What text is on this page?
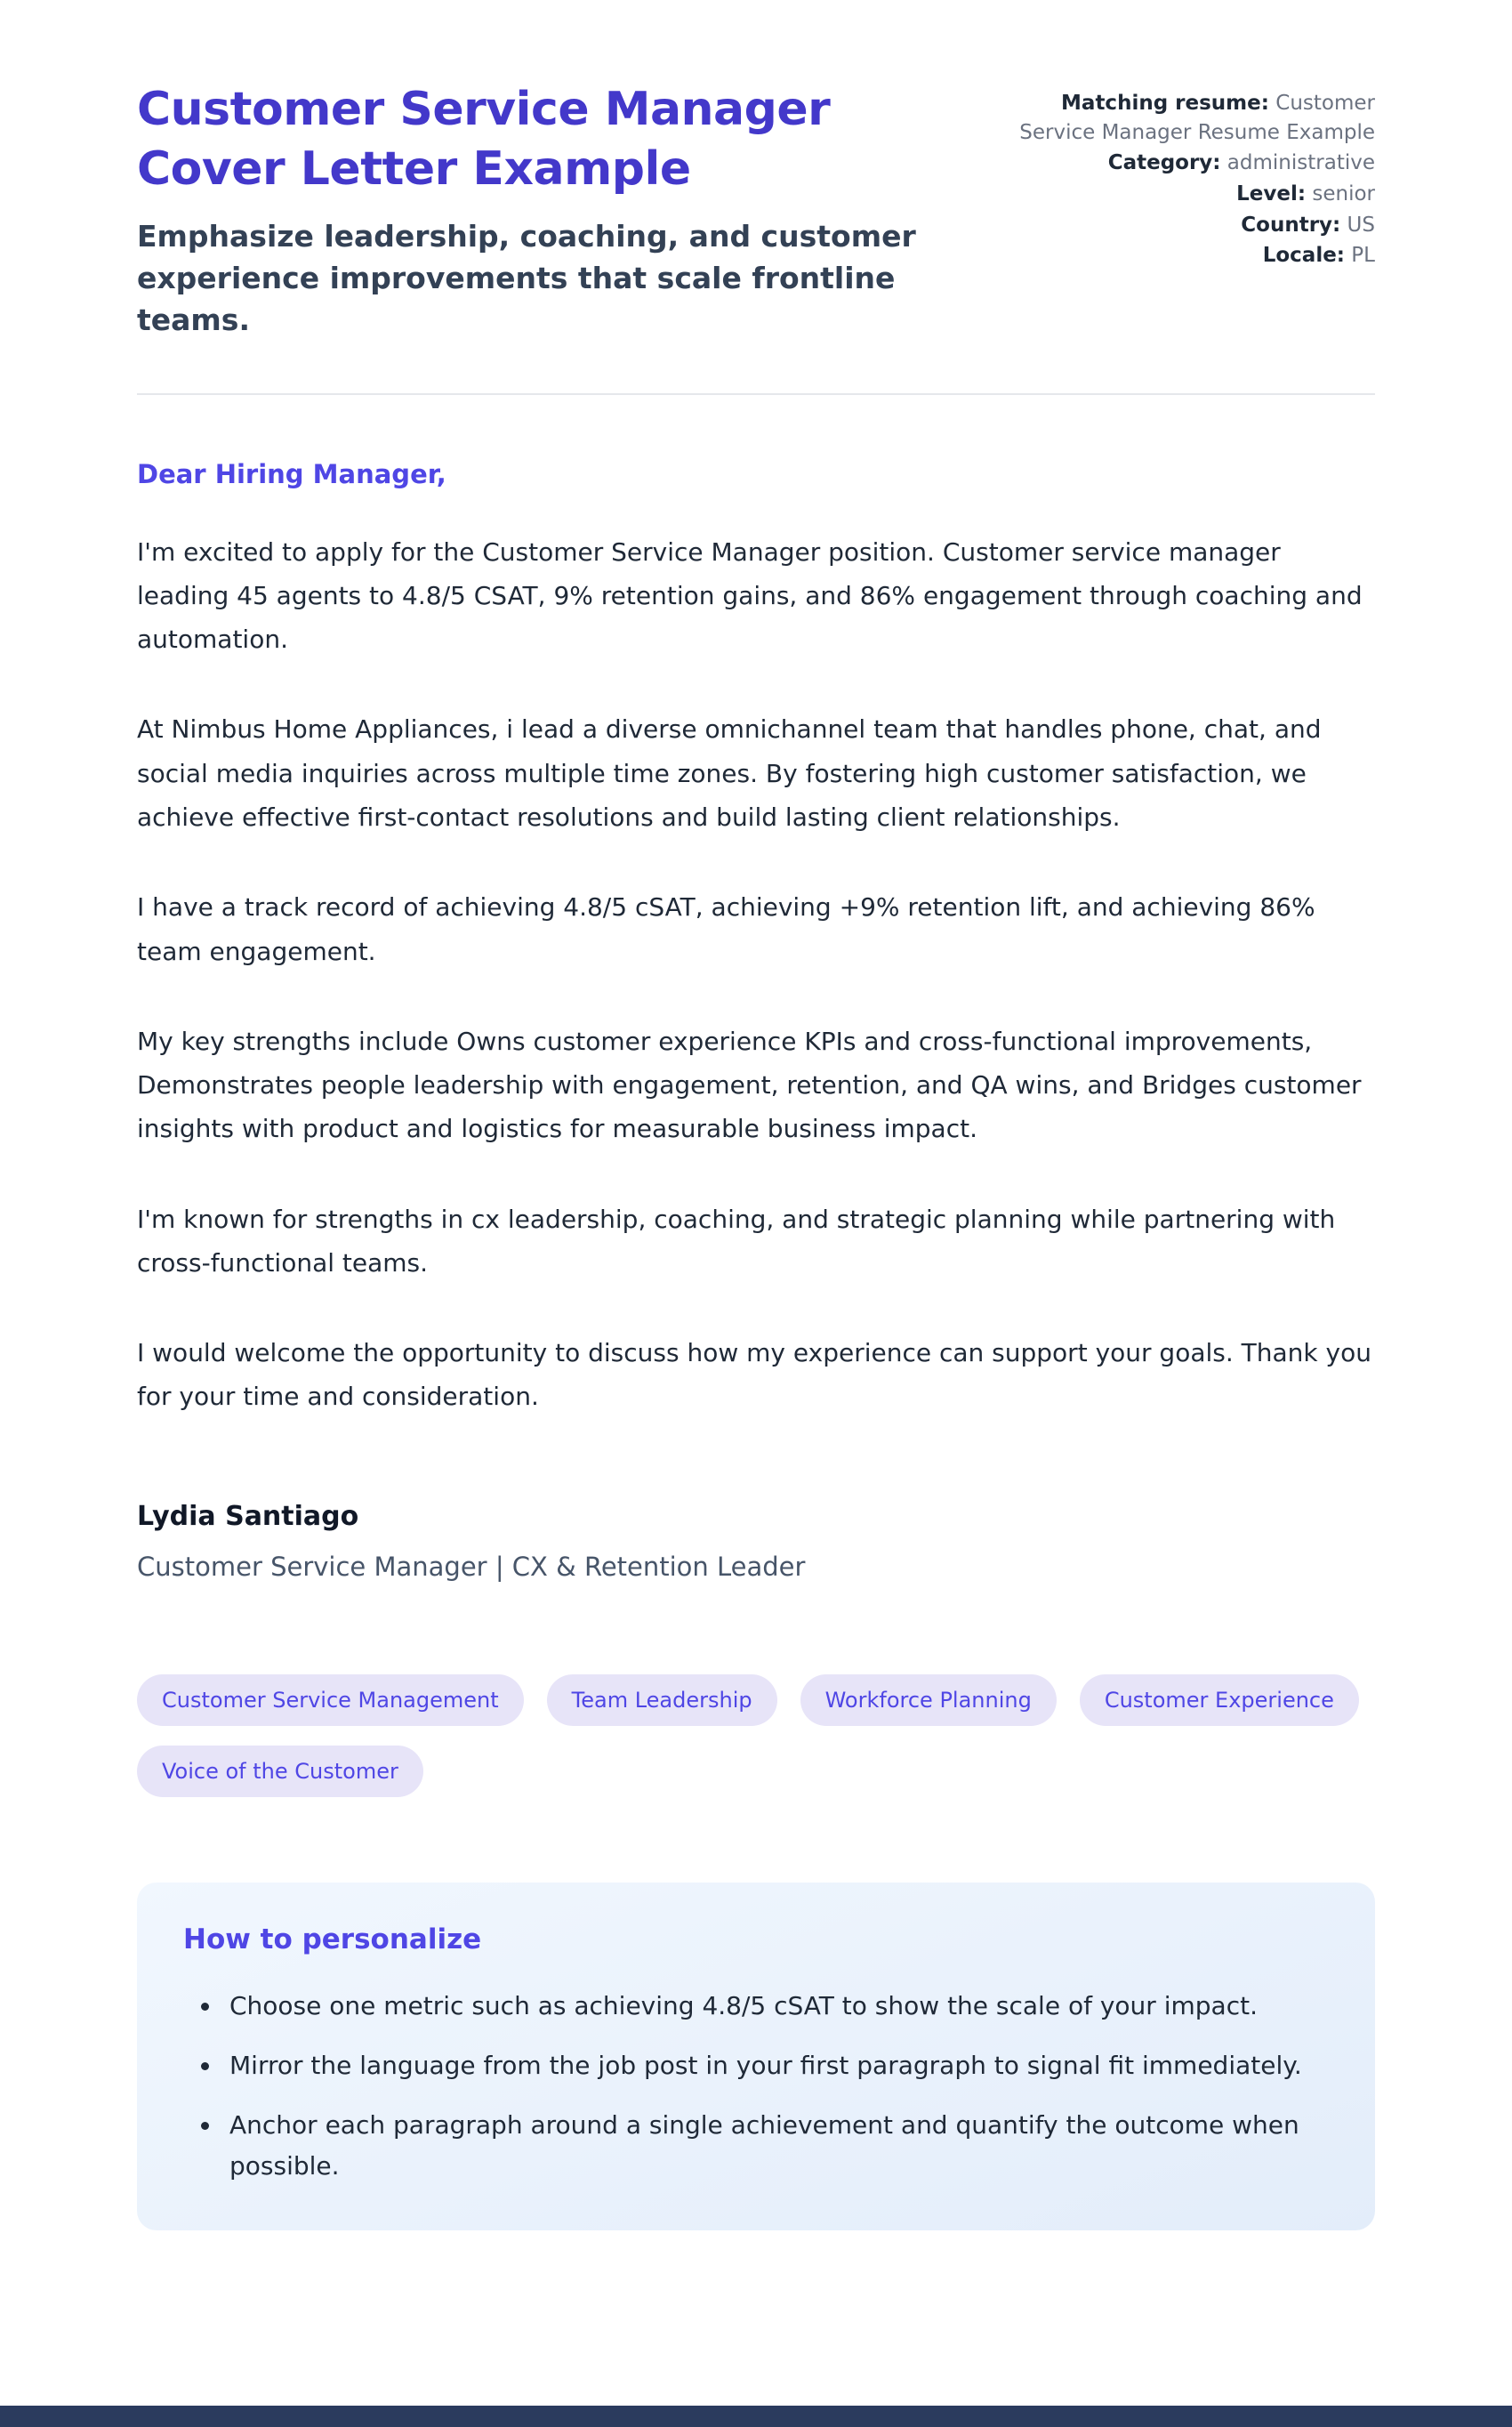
Customer Service Manager Cover Letter Example

Emphasize leadership, coaching, and customer experience improvements that scale frontline teams.

Matching resume: Customer Service Manager Resume Example
Category: administrative
Level: senior
Country: US
Locale: PL

Dear Hiring Manager,

I'm excited to apply for the Customer Service Manager position. Customer service manager leading 45 agents to 4.8/5 CSAT, 9% retention gains, and 86% engagement through coaching and automation.

At Nimbus Home Appliances, i lead a diverse omnichannel team that handles phone, chat, and social media inquiries across multiple time zones. By fostering high customer satisfaction, we achieve effective first-contact resolutions and build lasting client relationships.

I have a track record of achieving 4.8/5 cSAT, achieving +9% retention lift, and achieving 86% team engagement.

My key strengths include Owns customer experience KPIs and cross-functional improvements, Demonstrates people leadership with engagement, retention, and QA wins, and Bridges customer insights with product and logistics for measurable business impact.

I'm known for strengths in cx leadership, coaching, and strategic planning while partnering with cross-functional teams.

I would welcome the opportunity to discuss how my experience can support your goals. Thank you for your time and consideration.

Lydia Santiago

Customer Service Manager | CX & Retention Leader

Customer Service Management	Team Leadership	Workforce Planning	Customer Experience
Voice of the Customer
How to personalize
• Choose one metric such as achieving 4.8/5 cSAT to show the scale of your impact.
• Mirror the language from the job post in your first paragraph to signal fit immediately.
• Anchor each paragraph around a single achievement and quantify the outcome when possible.
